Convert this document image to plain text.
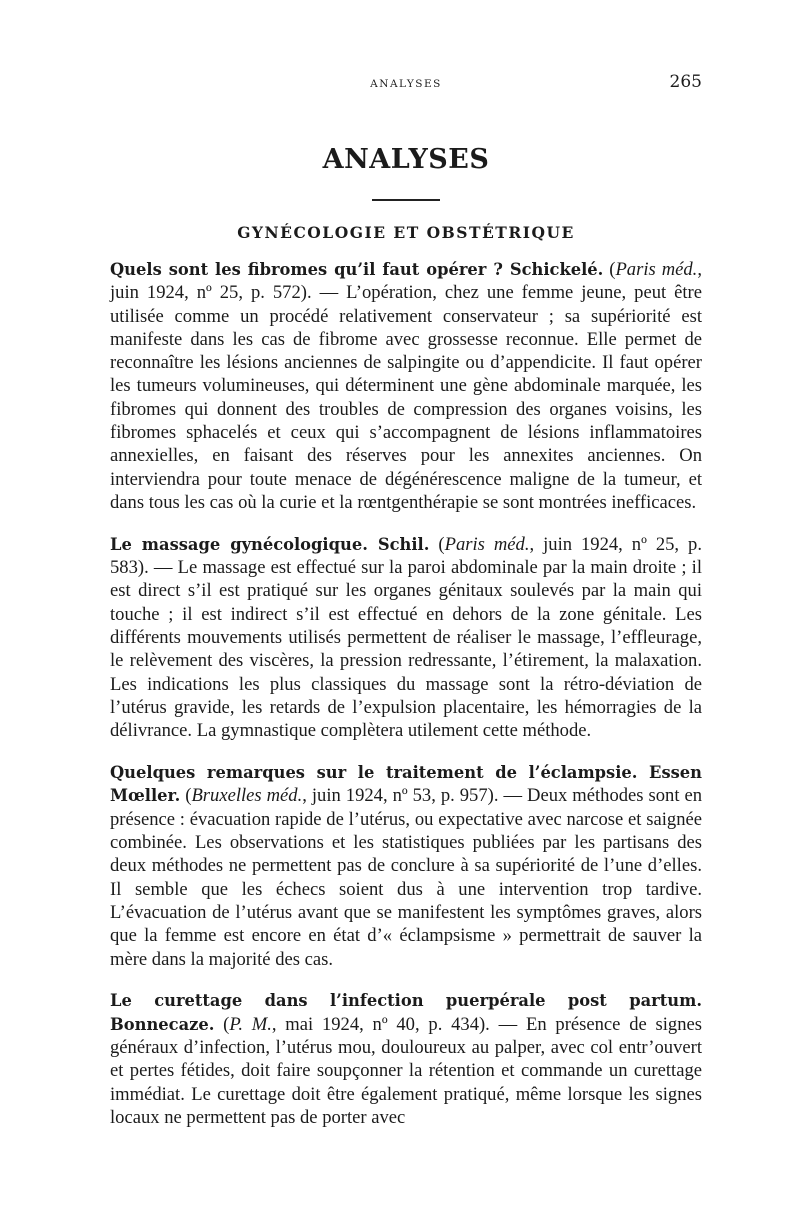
ANALYSES	265
ANALYSES
GYNÉCOLOGIE ET OBSTÉTRIQUE

Quels sont les fibromes qu’il faut opérer ? Schickelé. (Paris méd., juin 1924, nº 25, p. 572). — L’opération, chez une femme jeune, peut être utilisée comme un procédé relativement conservateur ; sa supériorité est manifeste dans les cas de fibrome avec grossesse reconnue. Elle permet de reconnaître les lésions anciennes de salpingite ou d’appendicite. Il faut opérer les tumeurs volumineuses, qui déterminent une gène abdominale marquée, les fibromes qui donnent des troubles de compression des organes voisins, les fibromes sphacelés et ceux qui s’accompagnent de lésions inflammatoires annexielles, en faisant des réserves pour les annexites anciennes. On interviendra pour toute menace de dégénérescence maligne de la tumeur, et dans tous les cas où la curie et la rœntgenthérapie se sont montrées inefficaces.

Le massage gynécologique. Schil. (Paris méd., juin 1924, nº 25, p. 583). — Le massage est effectué sur la paroi abdominale par la main droite ; il est direct s’il est pratiqué sur les organes génitaux soulevés par la main qui touche ; il est indirect s’il est effectué en dehors de la zone génitale. Les différents mouvements utilisés permettent de réaliser le massage, l’effleurage, le relèvement des viscères, la pression redressante, l’étirement, la malaxation. Les indications les plus classiques du massage sont la rétro-déviation de l’utérus gravide, les retards de l’expulsion placentaire, les hémorragies de la délivrance. La gymnastique complètera utilement cette méthode.

Quelques remarques sur le traitement de l’éclampsie. Essen Mœller. (Bruxelles méd., juin 1924, nº 53, p. 957). — Deux méthodes sont en présence : évacuation rapide de l’utérus, ou expectative avec narcose et saignée combinée. Les observations et les statistiques publiées par les partisans des deux méthodes ne permettent pas de conclure à sa supériorité de l’une d’elles. Il semble que les échecs soient dus à une intervention trop tardive. L’évacuation de l’utérus avant que se manifestent les symptômes graves, alors que la femme est encore en état d’« éclampsisme » permettrait de sauver la mère dans la majorité des cas.

Le curettage dans l’infection puerpérale post partum. Bonnecaze. (P. M., mai 1924, nº 40, p. 434). — En présence de signes généraux d’infection, l’utérus mou, douloureux au palper, avec col entr’ouvert et pertes fétides, doit faire soupçonner la rétention et commande un curettage immédiat. Le curettage doit être également pratiqué, même lorsque les signes locaux ne permettent pas de porter avec
